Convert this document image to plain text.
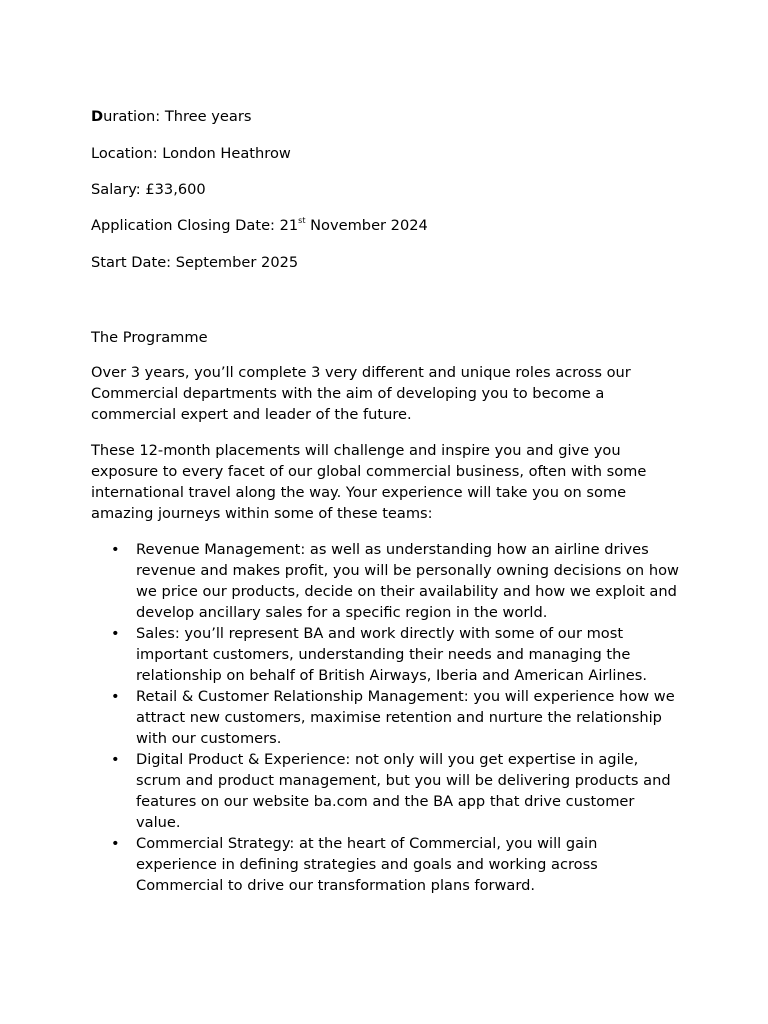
Duration: Three years

Location: London Heathrow

Salary: £33,600

Application Closing Date: 21st November 2024

Start Date: September 2025

The Programme

Over 3 years, you’ll complete 3 very different and unique roles across our Commercial departments with the aim of developing you to become a commercial expert and leader of the future.

These 12-month placements will challenge and inspire you and give you exposure to every facet of our global commercial business, often with some international travel along the way. Your experience will take you on some amazing journeys within some of these teams:

• Revenue Management: as well as understanding how an airline drives revenue and makes profit, you will be personally owning decisions on how we price our products, decide on their availability and how we exploit and develop ancillary sales for a specific region in the world.
• Sales: you’ll represent BA and work directly with some of our most important customers, understanding their needs and managing the relationship on behalf of British Airways, Iberia and American Airlines.
• Retail & Customer Relationship Management: you will experience how we attract new customers, maximise retention and nurture the relationship with our customers.
• Digital Product & Experience: not only will you get expertise in agile, scrum and product management, but you will be delivering products and features on our website ba.com and the BA app that drive customer value.
• Commercial Strategy: at the heart of Commercial, you will gain experience in defining strategies and goals and working across Commercial to drive our transformation plans forward.
